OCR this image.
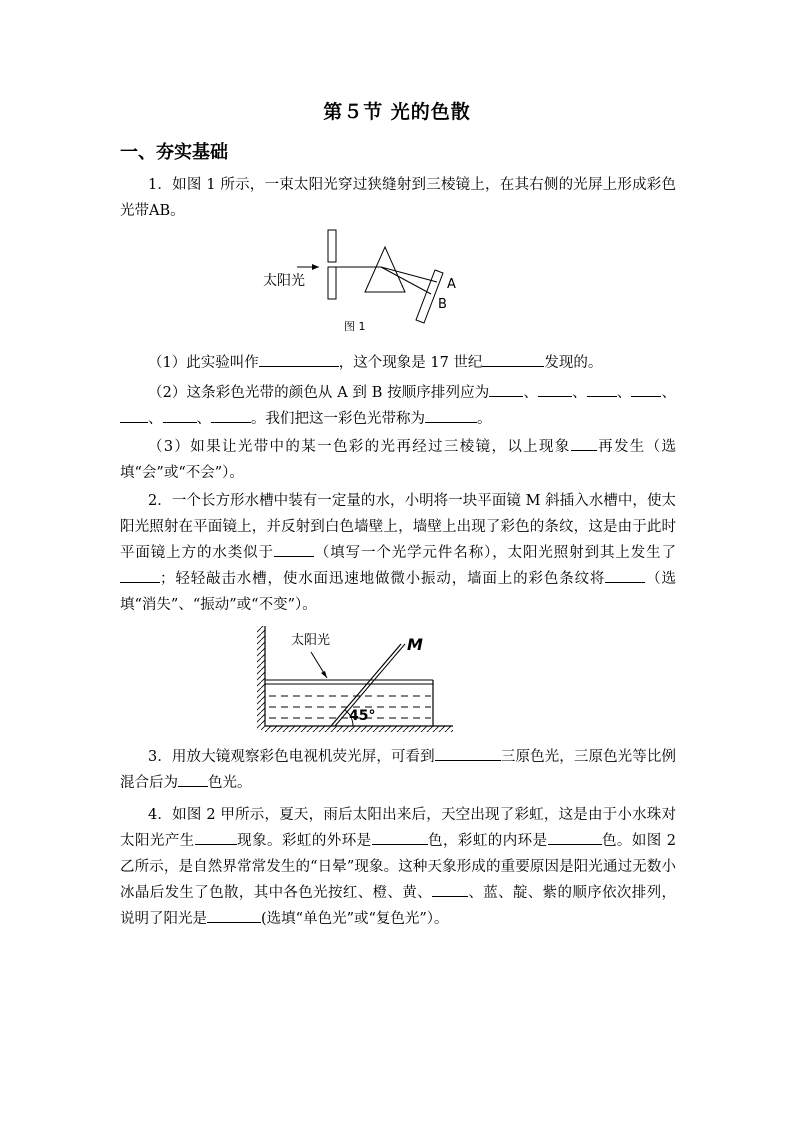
第５节 光的色散
一、夯实基础
1．如图 1 所示，一束太阳光穿过狭缝射到三棱镜上，在其右侧的光屏上形成彩色光带AB。
太阳光	A
B
图 1
（1）此实验叫作	，这个现象是 17 世纪	发现的。
（2）这条彩色光带的颜色从 A 到 B 按顺序排列应为 、 、 、 、、 、	。我们把这一彩色光带称为	。
（3）如果让光带中的某一色彩的光再经过三棱镜，以上现象 再发生（选填“会”或“不会”）。
2．一个长方形水槽中装有一定量的水，小明将一块平面镜 M 斜插入水槽中，使太阳光照射在平面镜上，并反射到白色墙壁上，墙壁上出现了彩色的条纹，这是由于此时平面镜上方的水类似于	（填写一个光学元件名称），太阳光照射到其上发生了；轻轻敲击水槽，使水面迅速地做微小振动，墙面上的彩色条纹将	（选填“消失”、“振动”或“不变”）。
M
太阳光
45°
3．用放大镜观察彩色电视机荧光屏，可看到	三原色光，三原色光等比例混合后为 色光。
4．如图 2 甲所示，夏天，雨后太阳出来后，天空出现了彩虹，这是由于小水珠对太阳光产生	现象。彩虹的外环是	色，彩虹的内环是	色。如图 2 乙所示，是自然界常常发生的“日晕”现象。这种天象形成的重要原因是阳光通过无数小冰晶后发生了色散，其中各色光按红、橙、黄、 、蓝、靛、紫的顺序依次排列，说明了阳光是	(选填“单色光”或“复色光”）。
